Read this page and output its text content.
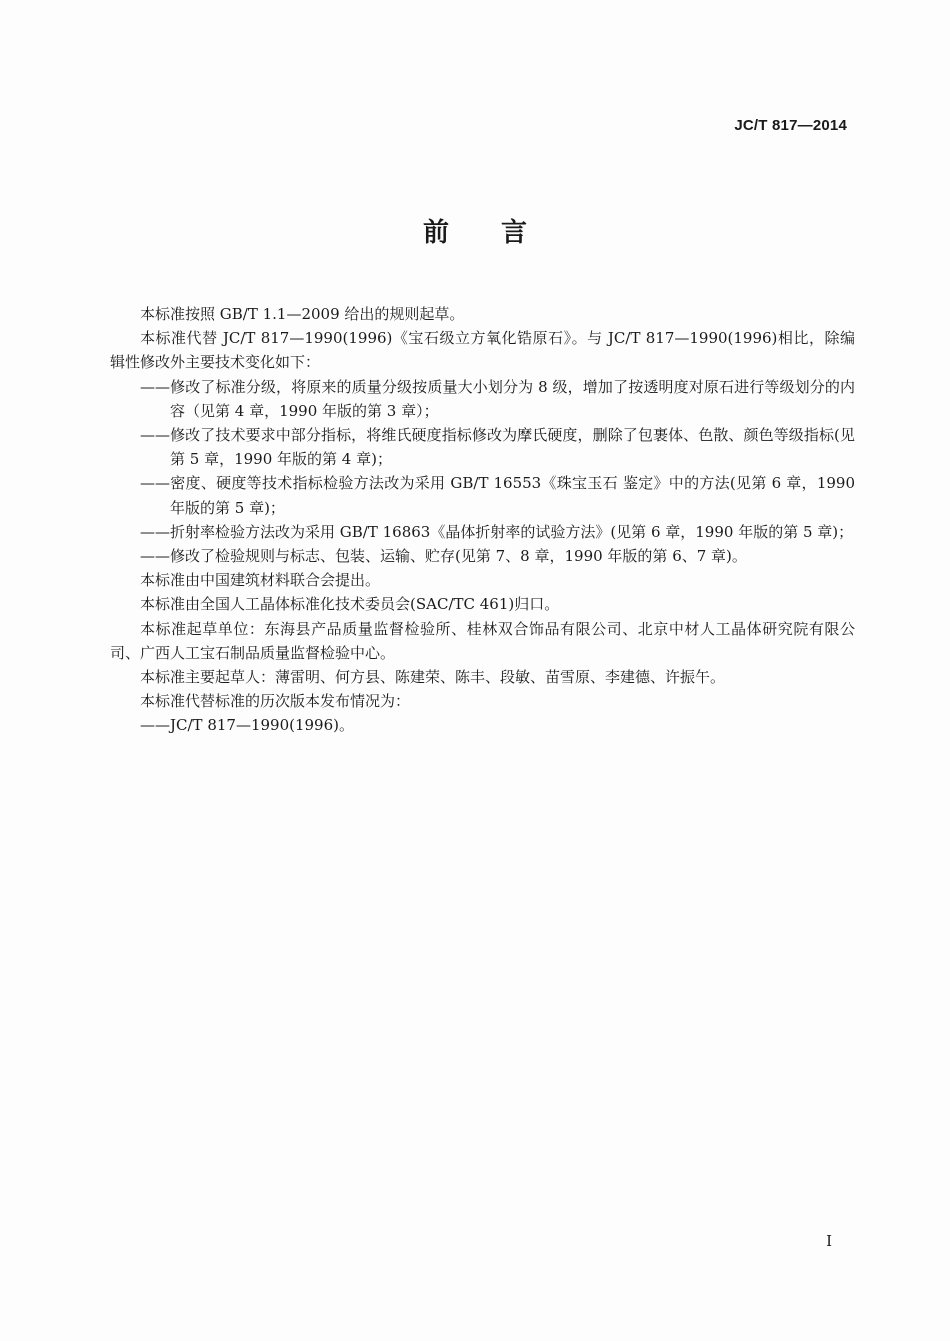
JC/T 817—2014
前言

本标准按照 GB/T 1.1—2009 给出的规则起草。

本标准代替 JC/T 817—1990(1996)《宝石级立方氧化锆原石》。与 JC/T 817—1990(1996)相比，除编辑性修改外主要技术变化如下：

——修改了标准分级，将原来的质量分级按质量大小划分为 8 级，增加了按透明度对原石进行等级划分的内容（见第 4 章，1990 年版的第 3 章）；

——修改了技术要求中部分指标，将维氏硬度指标修改为摩氏硬度，删除了包裹体、色散、颜色等级指标(见第 5 章，1990 年版的第 4 章)；

——密度、硬度等技术指标检验方法改为采用 GB/T 16553《珠宝玉石 鉴定》中的方法(见第 6 章，1990 年版的第 5 章)；

——折射率检验方法改为采用 GB/T 16863《晶体折射率的试验方法》(见第 6 章，1990 年版的第 5 章)；

——修改了检验规则与标志、包装、运输、贮存(见第 7、8 章，1990 年版的第 6、7 章)。

本标准由中国建筑材料联合会提出。

本标准由全国人工晶体标准化技术委员会(SAC/TC 461)归口。

本标准起草单位：东海县产品质量监督检验所、桂林双合饰品有限公司、北京中材人工晶体研究院有限公司、广西人工宝石制品质量监督检验中心。

本标准主要起草人：薄雷明、何方县、陈建荣、陈丰、段敏、苗雪原、李建德、许振午。

本标准代替标准的历次版本发布情况为：

——JC/T 817—1990(1996)。

I
